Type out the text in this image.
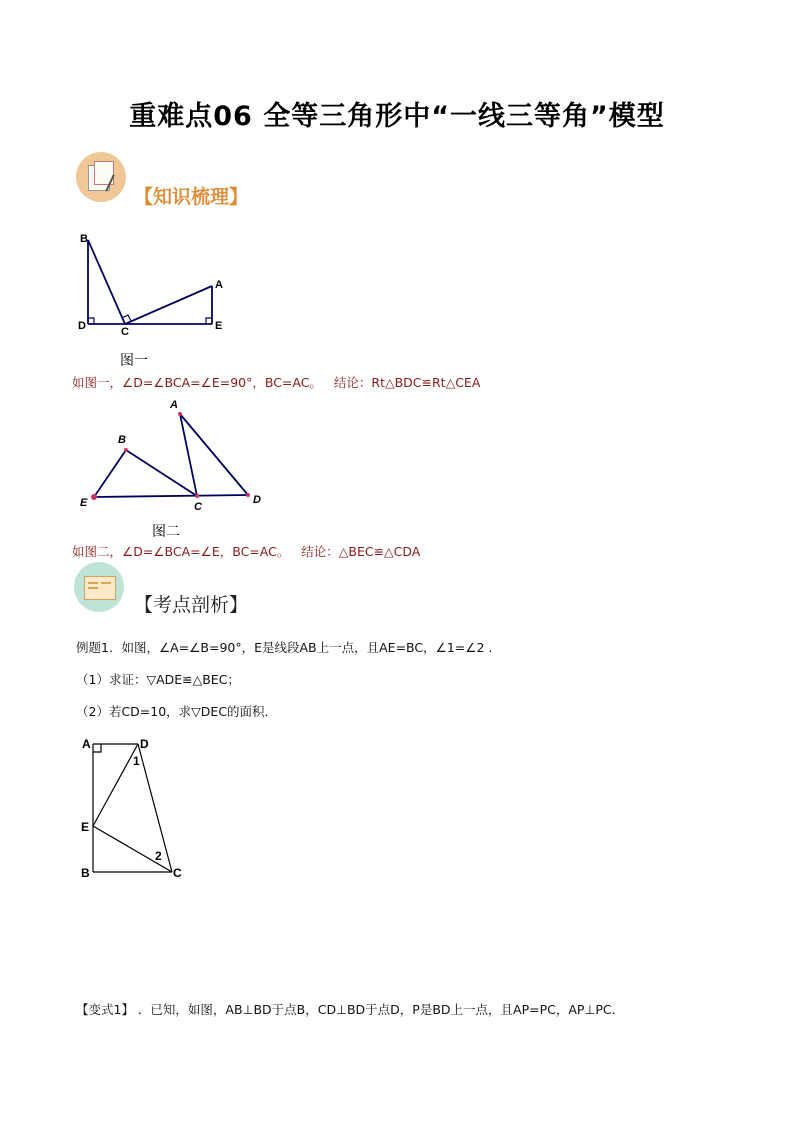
重难点06 全等三角形中“一线三等角”模型
【知识梳理】
B
A
D	C	E
图一
如图一，∠D=∠BCA=∠E=90°，BC=AC。   结论：Rt△BDC≌Rt△CEA
A
B
E	C
D
图二
如图二，∠D=∠BCA=∠E，BC=AC。   结论：△BEC≌△CDA
【考点剖析】
例题1．如图，∠A=∠B=90°，E是线段AB上一点，且AE=BC，∠1=∠2 .
（1）求证：▽ADE≌△BEC；
（2）若CD=10，求▽DEC的面积．
A	D
1
E
2
B	C
【变式1】 ．已知，如图，AB⊥BD于点B，CD⊥BD于点D，P是BD上一点，且AP=PC，AP⊥PC．
